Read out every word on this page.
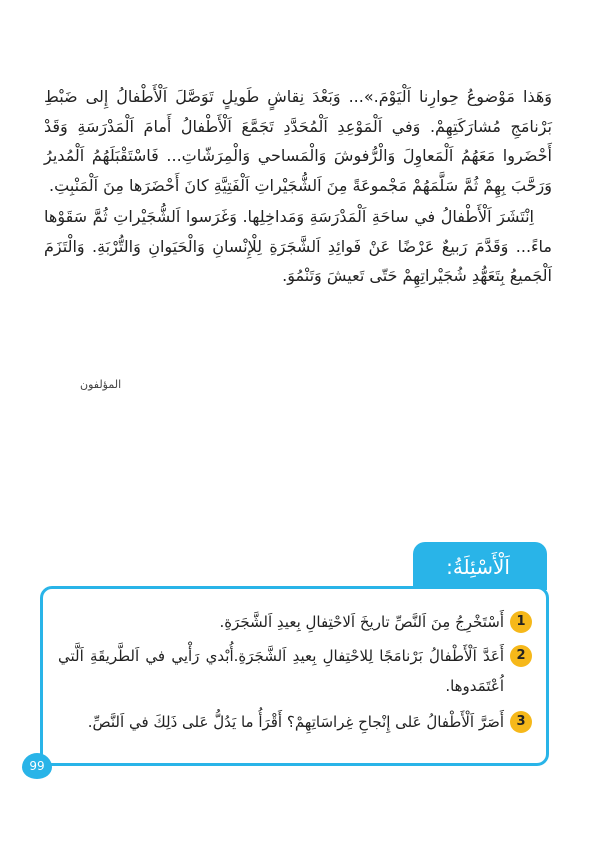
وَهَذا مَوْضوعُ حِوارِنا اَلْيَوْمَ.»... وَبَعْدَ نِقاشٍ طَويلٍ تَوَصَّلَ اَلْأَطْفالُ إِلى ضَبْطِ بَرْنامَجِ مُشارَكَتِهِمْ. وَفي اَلْمَوْعِدِ اَلْمُحَدَّدِ تَجَمَّعَ اَلْأَطْفالُ أَمامَ اَلْمَدْرَسَةِ وَقَدْ أَحْضَروا مَعَهُمُ اَلْمَعاوِلَ وَالْرُّفوشَ وَالْمَساحي وَالْمِرَشّاتِ... فَاسْتَقْبَلَهُمُ اَلْمُديرُ وَرَحَّبَ بِهِمْ ثُمَّ سَلَّمَهُمْ مَجْموعَةً مِنَ اَلشُّجَيْراتِ اَلْفَتِيَّةِ كانَ أَحْضَرَها مِنَ اَلْمَنْبِتِ.

اِنْتَشَرَ اَلْأَطْفالُ في ساحَةِ اَلْمَدْرَسَةِ وَمَداخِلِها. وَغَرَسوا اَلشُّجَيْراتِ ثُمَّ سَقَوْها ماءً... وَقَدَّمَ رَبيعٌ عَرْضًا عَنْ فَوائِدِ اَلشَّجَرَةِ لِلْإِنْسانِ وَالْحَيَوانِ وَالتُّرْبَةِ. وَالْتَزَمَ اَلْجَميعُ بِتَعَهُّدِ شُجَيْراتِهِمْ حَتّى تَعيشَ وَتَنْمُوَ.

المؤلفون
اَلْأَسْئِلَةُ:
1
أَسْتَخْرِجُ مِنَ اَلنَّصِّ تاريخَ اَلاحْتِفالِ بِعيدِ اَلشَّجَرَةِ.
2
أَعَدَّ اَلْأَطْفالُ بَرْنامَجًا لِلاحْتِفالِ بِعيدِ اَلشَّجَرَةِ.أُبْدي رَأْيي في اَلطَّريقَةِ اَلَّتي اُعْتَمَدوها.
3
أَصَرَّ اَلْأَطْفالُ عَلى إِنْجاحِ غِراسَاتِهِمْ؟ أَقْرَأُ ما يَدُلُّ عَلى ذَلِكَ في اَلنَّصِّ.
99
